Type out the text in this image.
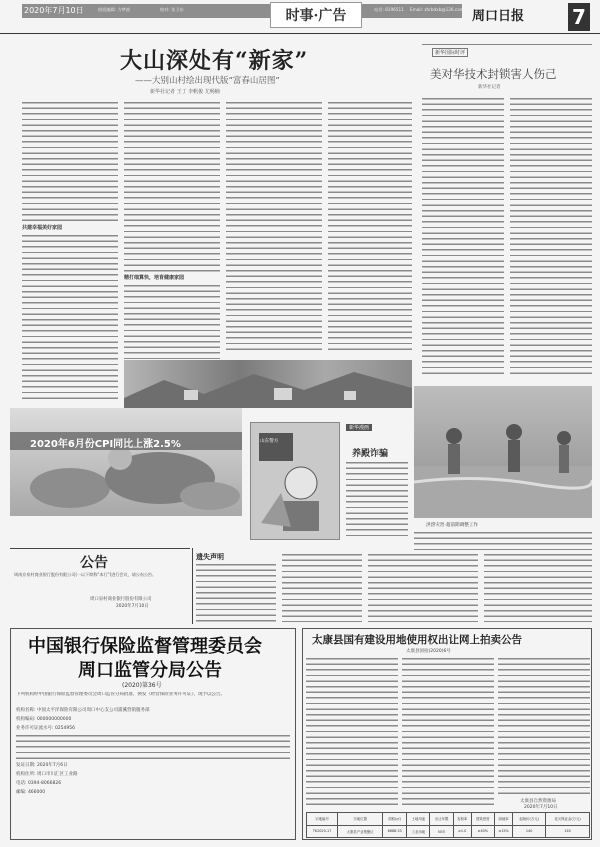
2020年7月10日	值班编辑: 方梦波	校对: 张卫东	时事·广告	电话: 8196511 Email: zhrbdxb@126.com 周口日报 7
大山深处有“新家”
——大别山村绘出现代版“富春山居图”
新华社记者 王丁 李帆俊 尤畅楠
共建幸福美好家园
精打细算快，培育健康家园
新华国际时评
美对华技术封锁害人伤己
新华社记者
2020年6月份CPI同比上涨2.5%	山东警方
新华漫画
养殿诈骗
洪涝灾害·超前期调整工作
公告
周南京泉村商业银行股份有限公司(一以下简称“本行”)进行会议，请公布公告。
周口泉村商业银行股份有限公司
2020年7月10日
遗失声明
中国银行保险监督管理委员会
周口监管分局公告
(2020)第36号
下列机构经中国银行保险监督管理委员会周口监管分局批准，换发《经营保险业务许可证》，现予以公告。
机构名称: 中国太平洋保险有限公司周口中心支公司浦溪营销服务部
机构编码: 000000000000
业务许可证流水号: 0254956
发证日期: 2020年7月6日
机构住所: 周口市川汇区工业路
电话: 0394-8066826
邮编: 466000
太康县国有建设用地使用权出让网上拍卖公告
太康县国拍(2020)6号
太康县自然资源局
2020年7月10日
宗地编号	宗地位置	面积(㎡)	土地用途	出让年限	容积率	建筑密度	绿地率	起始价(万元)	竞买保证金(万元)
TK2020-17	太康县产业集聚区	6688.33	工业用地	50年	≥1.0	≥40%	≤15%	140	140
